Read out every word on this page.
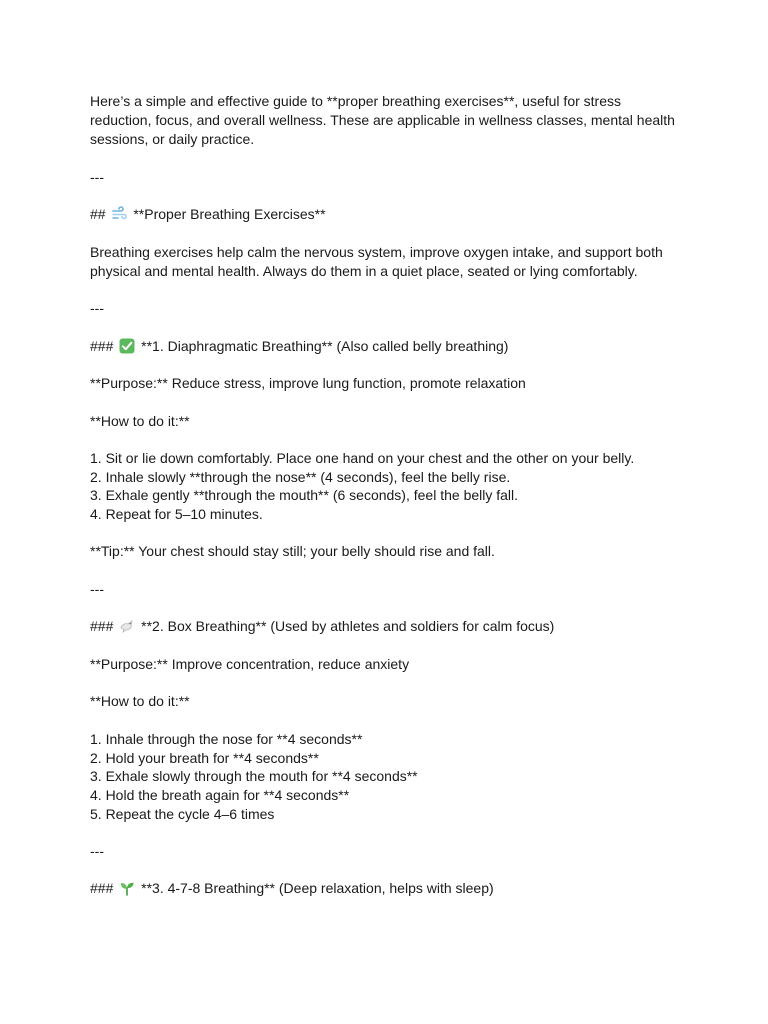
Here’s a simple and effective guide to **proper breathing exercises**, useful for stress reduction, focus, and overall wellness. These are applicable in wellness classes, mental health sessions, or daily practice.

---

## **Proper Breathing Exercises**

Breathing exercises help calm the nervous system, improve oxygen intake, and support both physical and mental health. Always do them in a quiet place, seated or lying comfortably.

---

### **1. Diaphragmatic Breathing** (Also called belly breathing)

**Purpose:** Reduce stress, improve lung function, promote relaxation

**How to do it:**

1. Sit or lie down comfortably. Place one hand on your chest and the other on your belly.
2. Inhale slowly **through the nose** (4 seconds), feel the belly rise.
3. Exhale gently **through the mouth** (6 seconds), feel the belly fall.
4. Repeat for 5–10 minutes.

**Tip:** Your chest should stay still; your belly should rise and fall.

---

### **2. Box Breathing** (Used by athletes and soldiers for calm focus)

**Purpose:** Improve concentration, reduce anxiety

**How to do it:**

1. Inhale through the nose for **4 seconds**
2. Hold your breath for **4 seconds**
3. Exhale slowly through the mouth for **4 seconds**
4. Hold the breath again for **4 seconds**
5. Repeat the cycle 4–6 times

---

### **3. 4-7-8 Breathing** (Deep relaxation, helps with sleep)
